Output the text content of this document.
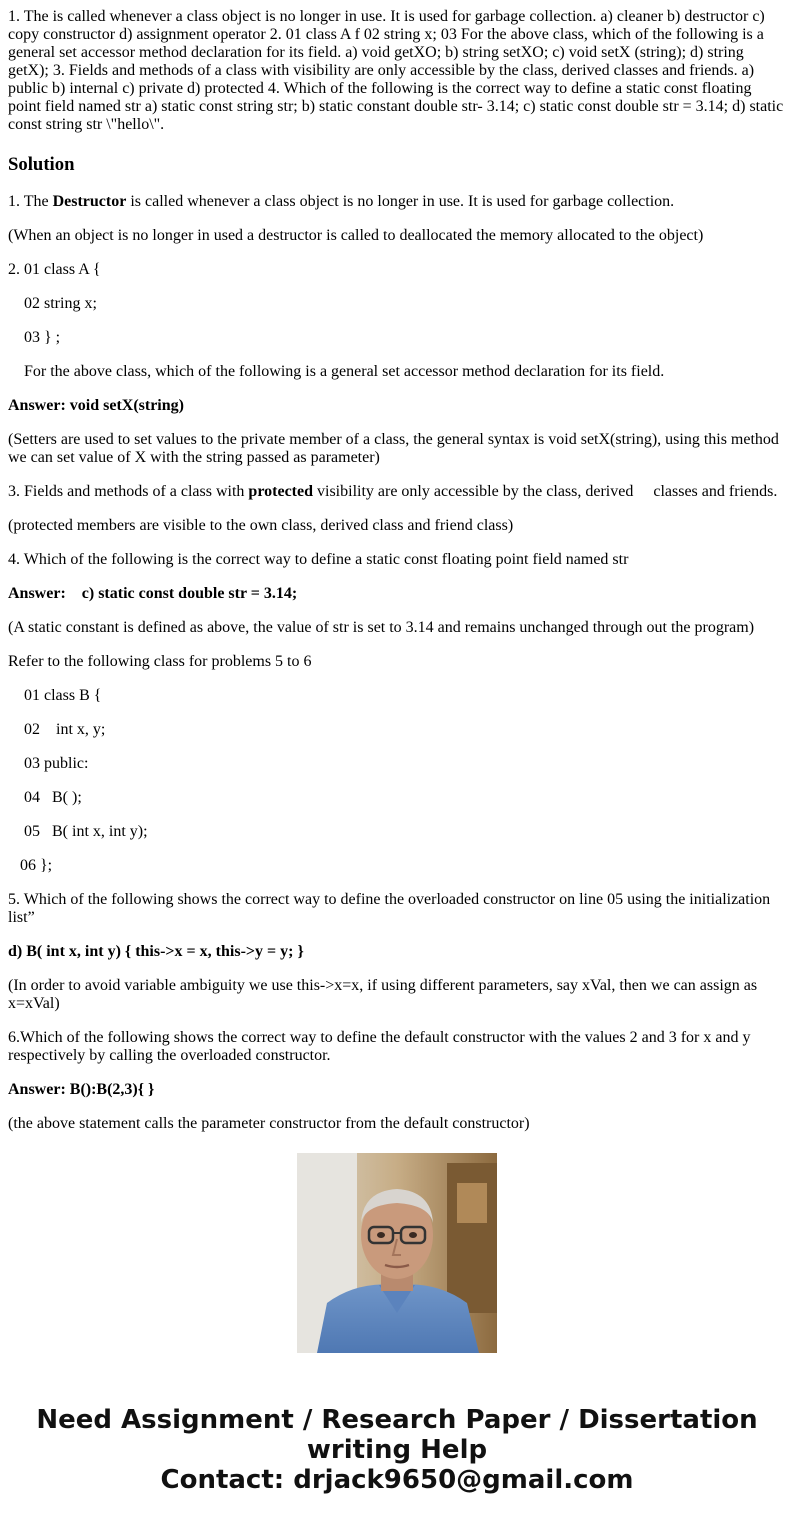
1. The is called whenever a class object is no longer in use. It is used for garbage collection. a) cleaner b) destructor c) copy constructor d) assignment operator 2. 01 class A f 02 string x; 03 For the above class, which of the following is a general set accessor method declaration for its field. a) void getXO; b) string setXO; c) void setX (string); d) string getX); 3. Fields and methods of a class with visibility are only accessible by the class, derived classes and friends. a) public b) internal c) private d) protected 4. Which of the following is the correct way to define a static const floating point field named str a) static const string str; b) static constant double str- 3.14; c) static const double str = 3.14; d) static const string str \"hello\".

Solution

1. The Destructor is called whenever a class object is no longer in use. It is used for garbage collection.

(When an object is no longer in used a destructor is called to deallocated the memory allocated to the object)

2. 01 class A {

02 string x;

03 } ;

For the above class, which of the following is a general set accessor method declaration for its field.

Answer: void setX(string)

(Setters are used to set values to the private member of a class, the general syntax is void setX(string), using this method we can set value of X with the string passed as parameter)

3. Fields and methods of a class with protected visibility are only accessible by the class, derived     classes and friends.

(protected members are visible to the own class, derived class and friend class)

4. Which of the following is the correct way to define a static const floating point field named str

Answer:    c) static const double str = 3.14;

(A static constant is defined as above, the value of str is set to 3.14 and remains unchanged through out the program)

Refer to the following class for problems 5 to 6

01 class B {

02    int x, y;

03 public:

04   B( );

05   B( int x, int y);

06 };

5. Which of the following shows the correct way to define the overloaded constructor on line 05 using the initialization list”

d) B( int x, int y) { this->x = x, this->y = y; }

(In order to avoid variable ambiguity we use this->x=x, if using different parameters, say xVal, then we can assign as x=xVal)

6.Which of the following shows the correct way to define the default constructor with the values 2 and 3 for x and y respectively by calling the overloaded constructor.

Answer: B():B(2,3){ }

(the above statement calls the parameter constructor from the default constructor)

Need Assignment / Research Paper / Dissertation
writing Help
Contact: drjack9650@gmail.com
